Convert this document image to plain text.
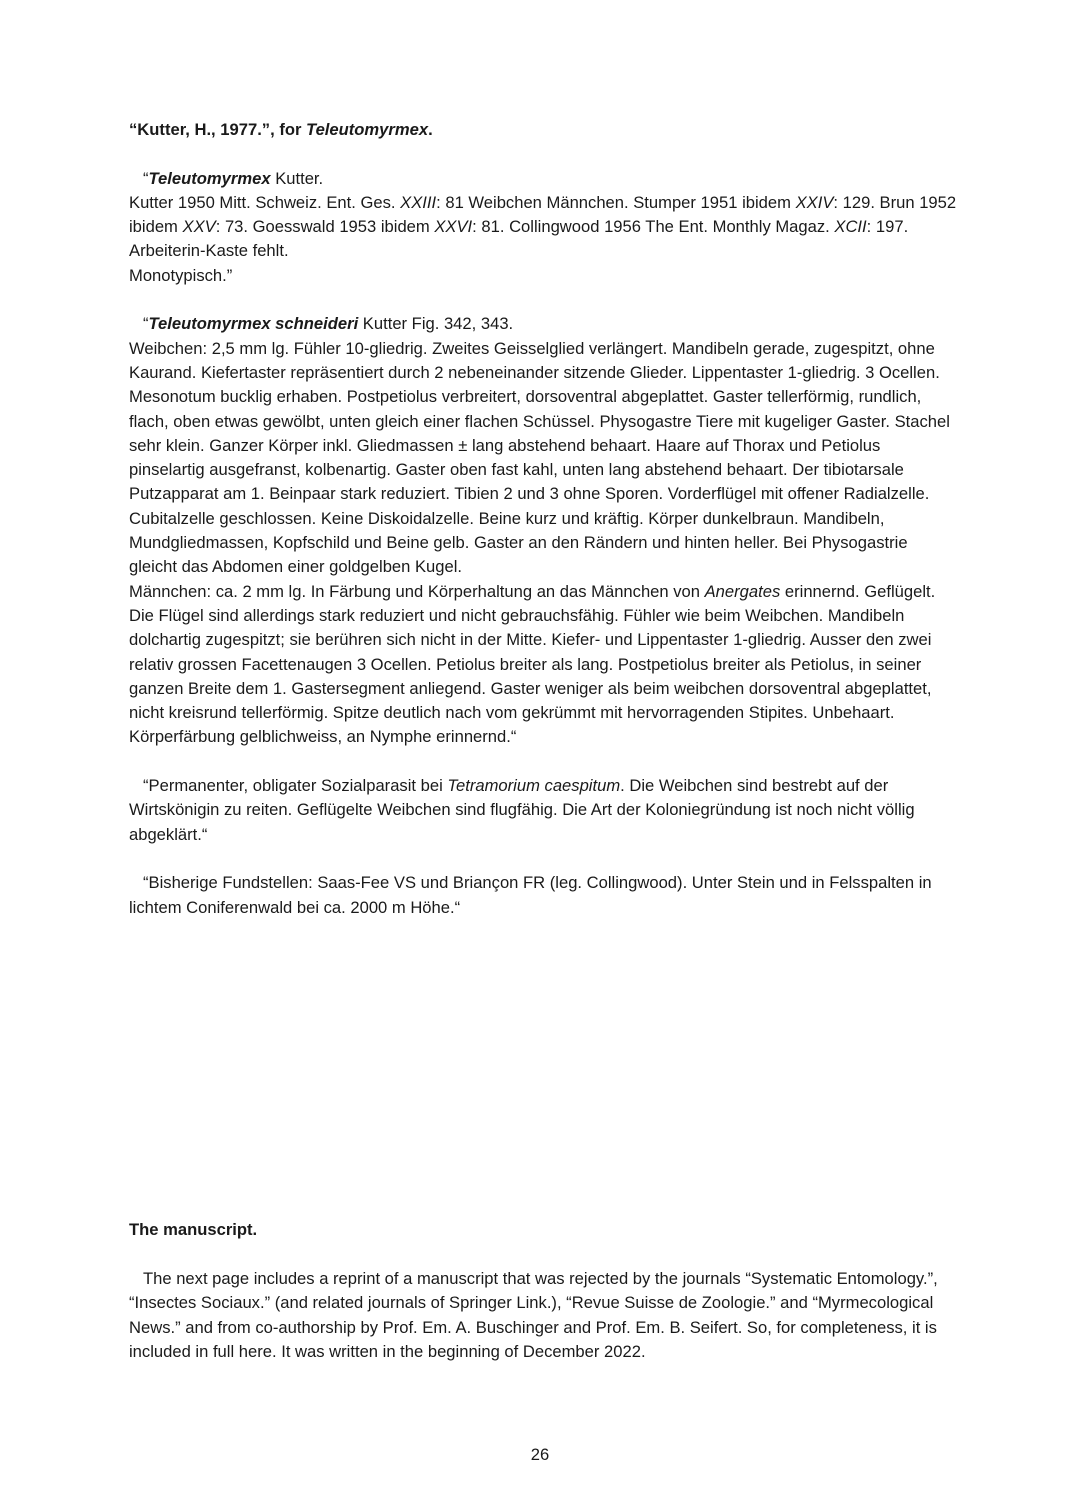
“Kutter, H., 1977.”, for Teleutomyrmex.

“Teleutomyrmex Kutter.

Kutter 1950 Mitt. Schweiz. Ent. Ges. XXIII: 81 Weibchen Männchen. Stumper 1951 ibidem XXIV: 129. Brun 1952 ibidem XXV: 73. Goesswald 1953 ibidem XXVI: 81. Collingwood 1956 The Ent. Monthly Magaz. XCII: 197.

Arbeiterin-Kaste fehlt.

Monotypisch.”

“Teleutomyrmex schneideri Kutter Fig. 342, 343.

Weibchen: 2,5 mm lg. Fühler 10-gliedrig. Zweites Geisselglied verlängert. Mandibeln gerade, zugespitzt, ohne Kaurand. Kiefertaster repräsentiert durch 2 nebeneinander sitzende Glieder. Lippentaster 1-gliedrig. 3 Ocellen. Mesonotum bucklig erhaben. Postpetiolus verbreitert, dorsoventral abgeplattet. Gaster tellerförmig, rundlich, flach, oben etwas gewölbt, unten gleich einer flachen Schüssel. Physogastre Tiere mit kugeliger Gaster. Stachel sehr klein. Ganzer Körper inkl. Gliedmassen ± lang abstehend behaart. Haare auf Thorax und Petiolus pinselartig ausgefranst, kolbenartig. Gaster oben fast kahl, unten lang abstehend behaart. Der tibiotarsale Putzapparat am 1. Beinpaar stark reduziert. Tibien 2 und 3 ohne Sporen. Vorderflügel mit offener Radialzelle. Cubitalzelle geschlossen. Keine Diskoidalzelle. Beine kurz und kräftig. Körper dunkelbraun. Mandibeln, Mundgliedmassen, Kopfschild und Beine gelb. Gaster an den Rändern und hinten heller. Bei Physogastrie gleicht das Abdomen einer goldgelben Kugel.

Männchen: ca. 2 mm lg. In Färbung und Körperhaltung an das Männchen von Anergates erinnernd. Geflügelt. Die Flügel sind allerdings stark reduziert und nicht gebrauchsfähig. Fühler wie beim Weibchen. Mandibeln dolchartig zugespitzt; sie berühren sich nicht in der Mitte. Kiefer- und Lippentaster 1-gliedrig. Ausser den zwei relativ grossen Facettenaugen 3 Ocellen. Petiolus breiter als lang. Postpetiolus breiter als Petiolus, in seiner ganzen Breite dem 1. Gastersegment anliegend. Gaster weniger als beim weibchen dorsoventral abgeplattet, nicht kreisrund tellerförmig. Spitze deutlich nach vom gekrümmt mit hervorragenden Stipites. Unbehaart. Körperfärbung gelblichweiss, an Nymphe erinnernd.“

“Permanenter, obligater Sozialparasit bei Tetramorium caespitum. Die Weibchen sind bestrebt auf der Wirtskönigin zu reiten. Geflügelte Weibchen sind flugfähig. Die Art der Koloniegründung ist noch nicht völlig abgeklärt.“

“Bisherige Fundstellen: Saas-Fee VS und Briançon FR (leg. Collingwood). Unter Stein und in Felsspalten in lichtem Coniferenwald bei ca. 2000 m Höhe.“

The manuscript.

The next page includes a reprint of a manuscript that was rejected by the journals “Systematic Entomology.”, “Insectes Sociaux.” (and related journals of Springer Link.), “Revue Suisse de Zoologie.” and “Myrmecological News.” and from co-authorship by Prof. Em. A. Buschinger and Prof. Em. B. Seifert. So, for completeness, it is included in full here. It was written in the beginning of December 2022.

26
